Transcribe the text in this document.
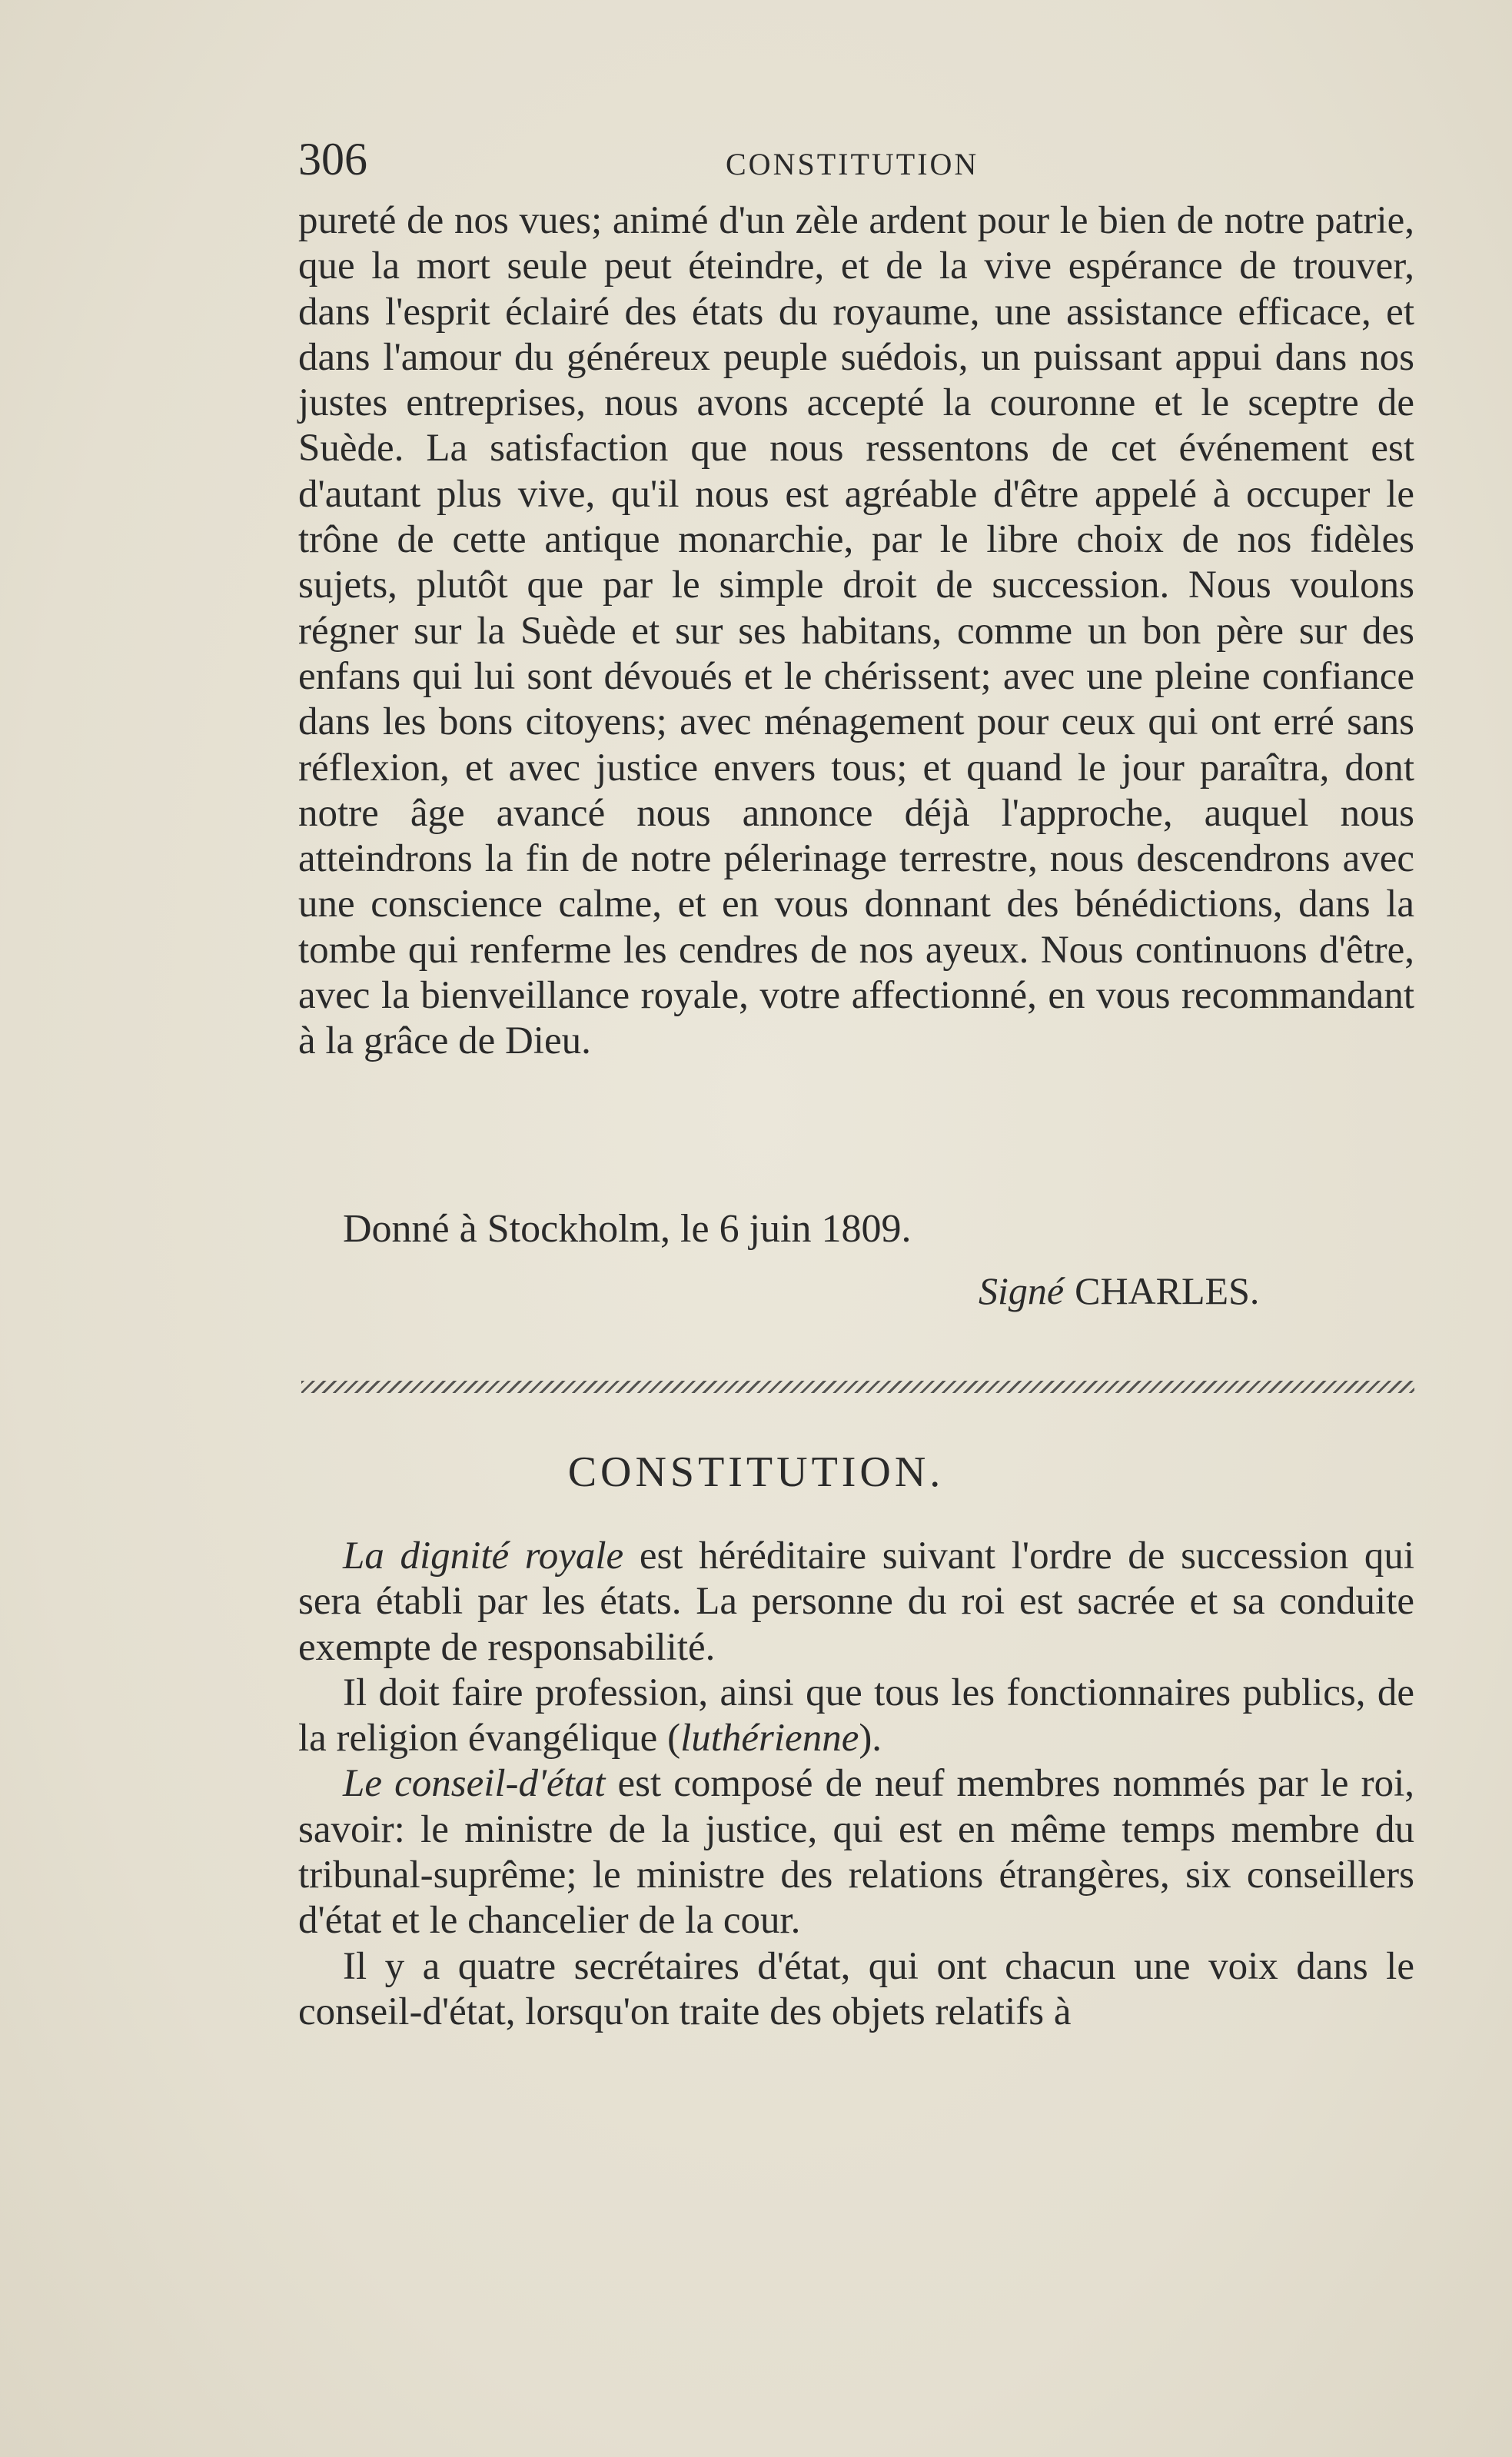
306	CONSTITUTION

pureté de nos vues; animé d'un zèle ardent pour le bien de notre patrie, que la mort seule peut éteindre, et de la vive espérance de trouver, dans l'esprit éclairé des états du royaume, une assistance efficace, et dans l'amour du généreux peuple suédois, un puissant appui dans nos justes entreprises, nous avons accepté la couronne et le sceptre de Suède. La satisfaction que nous ressentons de cet événement est d'autant plus vive, qu'il nous est agréable d'être appelé à occuper le trône de cette antique monarchie, par le libre choix de nos fidèles sujets, plutôt que par le simple droit de succession. Nous voulons régner sur la Suède et sur ses habitans, comme un bon père sur des enfans qui lui sont dévoués et le chérissent; avec une pleine confiance dans les bons citoyens; avec ménagement pour ceux qui ont erré sans réflexion, et avec justice envers tous; et quand le jour paraîtra, dont notre âge avancé nous annonce déjà l'approche, auquel nous atteindrons la fin de notre pélerinage terrestre, nous descendrons avec une conscience calme, et en vous donnant des bénédictions, dans la tombe qui renferme les cendres de nos ayeux. Nous continuons d'être, avec la bienveillance royale, votre affectionné, en vous recommandant à la grâce de Dieu.

Donné à Stockholm, le 6 juin 1809.
Signé CHARLES.
CONSTITUTION.

La dignité royale est héréditaire suivant l'ordre de succession qui sera établi par les états. La personne du roi est sacrée et sa conduite exempte de responsabilité.

Il doit faire profession, ainsi que tous les fonctionnaires publics, de la religion évangélique (luthérienne).

Le conseil-d'état est composé de neuf membres nommés par le roi, savoir: le ministre de la justice, qui est en même temps membre du tribunal-suprême; le ministre des relations étrangères, six conseillers d'état et le chancelier de la cour.

Il y a quatre secrétaires d'état, qui ont chacun une voix dans le conseil-d'état, lorsqu'on traite des objets relatifs à
